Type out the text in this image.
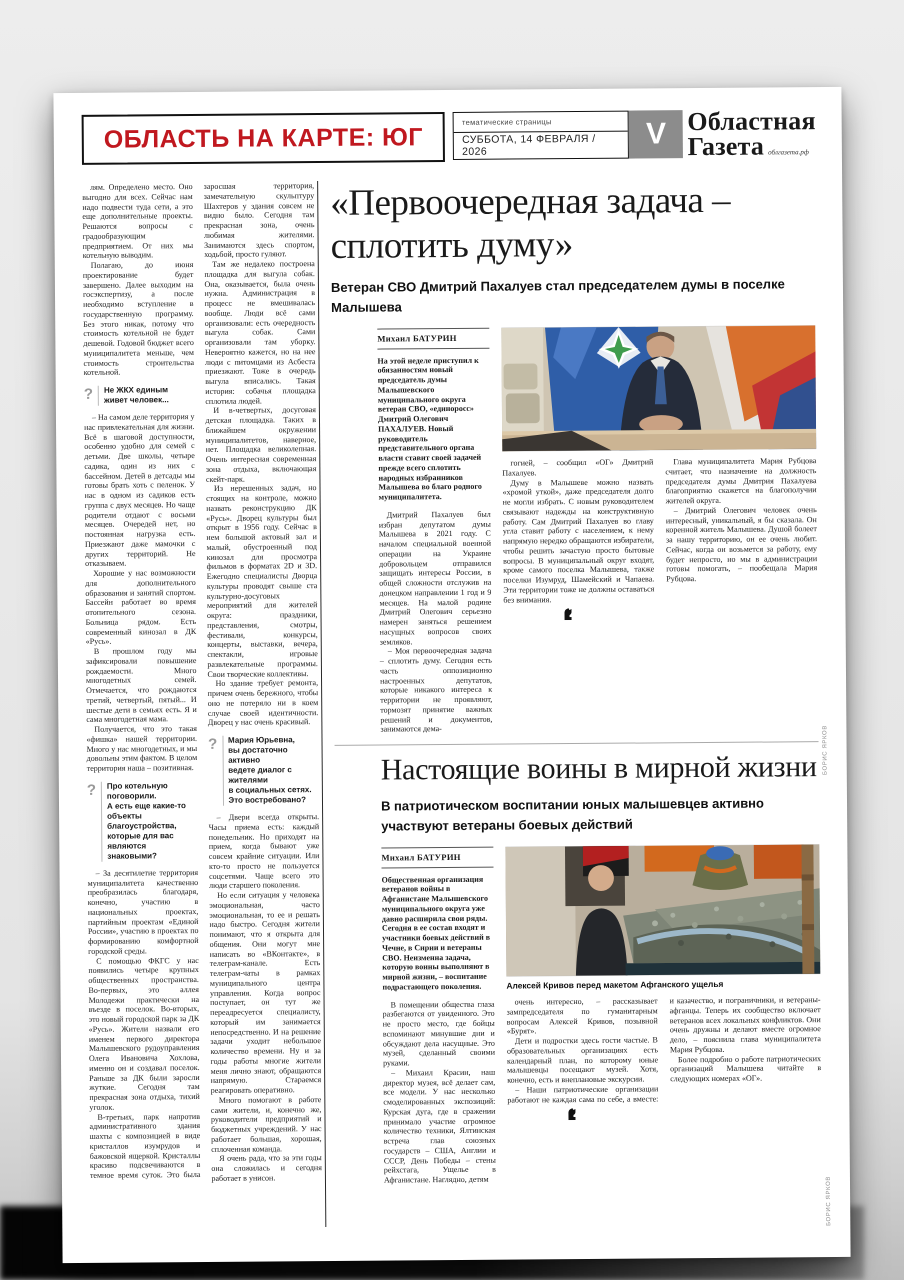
ОБЛАСТЬ НА КАРТЕ: ЮГ
тематические страницы
СУББОТА, 14 ФЕВРАЛЯ / 2026
V Областная
Газета облгазета.рф

лям. Определено место. Оно выгодно для всех. Сейчас нам надо подвести туда сети, а это еще дополнительные проекты. Решаются вопросы с градообразующим предприятием. От них мы котельную выводим.

Полагаю, до июня проектирование будет завершено. Далее выходим на госэкспертизу, а после необходимо вступление в государственную программу. Без этого никак, потому что стоимость котельной не будет дешевой. Годовой бюджет всего муниципалитета меньше, чем стоимость строительства котельной.

? Не ЖКХ единым
живет человек...

– На самом деле территория у нас привлекательная для жизни. Всё в шаговой доступности, особенно удобно для семей с детьми. Две школы, четыре садика, один из них с бассейном. Детей в детсады мы готовы брать хоть с пеленок. У нас в одном из садиков есть группа с двух месяцев. Но чаще родители отдают с восьми месяцев. Очередей нет, но постоянная нагрузка есть. Приезжают даже мамочки с других территорий. Не отказываем.

Хорошие у нас возможности для дополнительного образования и занятий спортом. Бассейн работает во время отопительного сезона. Больница рядом. Есть современный кинозал в ДК «Русь».

В прошлом году мы зафиксировали повышение рождаемости. Много многодетных семей. Отмечается, что рождаются третий, четвертый, пятый... И шестые дети в семьях есть. Я и сама многодетная мама.

Получается, что это такая «фишка» нашей территории. Много у нас многодетных, и мы довольны этим фактом. В целом территория наша – позитивная.

? Про котельную поговорили.
А есть еще какие-то
объекты благоустройства,
которые для вас являются
знаковыми?

– За десятилетие территория муниципалитета качественно преобразилась благодаря, конечно, участию в национальных проектах, партийным проектам «Единой России», участию в проектах по формированию комфортной городской среды.

С помощью ФКГС у нас появились четыре крупных общественных пространства. Во-первых, это аллея Молодежи практически на въезде в поселок. Во-вторых, это новый городской парк за ДК «Русь». Жители назвали его именем первого директора Малышевского рудоуправления Олега Ивановича Хохлова, именно он и создавал поселок. Раньше за ДК были заросли жуткие. Сегодня там прекрасная зона отдыха, тихий уголок.

В-третьих, парк напротив административного здания шахты с композицией в виде кристаллов изумрудов и бажовской ящеркой. Кристаллы красиво подсвечиваются в темное время суток. Это была заросшая территория, замечательную скульптуру Шахтеров у здания совсем не видно было. Сегодня там прекрасная зона, очень любимая жителями. Занимаются здесь спортом, ходьбой, просто гуляют.

Там же недалеко построена площадка для выгула собак. Она, оказывается, была очень нужна. Администрация в процесс не вмешивалась вообще. Люди всё сами организовали: есть очередность выгула собак. Сами организовали там уборку. Невероятно кажется, но на нее люди с питомцами из Асбеста приезжают. Тоже в очередь выгула вписались. Такая история: собачья площадка сплотила людей.

И в-четвертых, досуговая детская площадка. Таких в ближайшем окружении муниципалитетов, наверное, нет. Площадка великолепная. Очень интересная современная зона отдыха, включающая скейт-парк.

Из нерешенных задач, но стоящих на контроле, можно назвать реконструкцию ДК «Русь». Дворец культуры был открыт в 1956 году. Сейчас в нем большой актовый зал и малый, обустроенный под кинозал для просмотра фильмов в форматах 2D и 3D. Ежегодно специалисты Дворца культуры проводят свыше ста культурно-досуговых мероприятий для жителей округа: праздники, представления, смотры, фестивали, конкурсы, концерты, выставки, вечера, спектакли, игровые развлекательные программы. Свои творческие коллективы.

Но здание требует ремонта, причем очень бережного, чтобы оно не потеряло ни в коем случае своей идентичности. Дворец у нас очень красивый.

? Мария Юрьевна,
вы достаточно активно
ведете диалог с жителями
в социальных сетях.
Это востребовано?

– Двери всегда открыты. Часы приема есть: каждый понедельник. Но приходят на прием, когда бывают уже совсем крайние ситуации. Или кто-то просто не пользуется соцсетями. Чаще всего это люди старшего поколения.

Но если ситуация у человека эмоциональная, часто эмоциональная, то ее и решать надо быстро. Сегодня жители понимают, что я открыта для общения. Они могут мне написать во «ВКонтакте», в телеграм-канале. Есть телеграм-чаты в рамках муниципального центра управления. Когда вопрос поступает, он тут же переадресуется специалисту, который им занимается непосредственно. И на решение задачи уходит небольшое количество времени. Ну и за годы работы многие жители меня лично знают, обращаются напрямую. Стараемся реагировать оперативно.

Много помогают в работе сами жители, и, конечно же, руководители предприятий и бюджетных учреждений. У нас работает большая, хорошая, сплоченная команда.

Я очень рада, что за эти годы она сложилась и сегодня работает в унисон.

«Первоочередная задача – сплотить думу»

Ветеран СВО Дмитрий Пахалуев стал председателем думы в поселке Малышева

Михаил БАТУРИН
На этой неделе приступил к обязанностям новый председатель думы Малышевского муниципального округа ветеран СВО, «единоросс» Дмитрий Олегович ПАХАЛУЕВ. Новый руководитель представительного органа власти ставит своей задачей прежде всего сплотить народных избранников Малышева во благо родного муниципалитета.

Дмитрий Пахалуев был избран депутатом думы Малышева в 2021 году. С началом специальной военной операции на Украине добровольцем отправился защищать интересы России, в общей сложности отслужив на донецком направлении 1 год и 9 месяцев. На малой родине Дмитрий Олегович серьезно намерен заняться решением насущных вопросов своих земляков.

– Моя первоочередная задача – сплотить думу. Сегодня есть часть оппозиционно настроенных депутатов, которые никакого интереса к территории не проявляют, тормозят принятие важных решений и документов, занимаются дема-	БОРИС ЯРКОВ

гогией, – сообщил «ОГ» Дмитрий Пахалуев.

Думу в Малышеве можно назвать «хромой уткой», даже председателя долго не могли избрать. С новым руководителем связывают надежды на конструктивную работу. Сам Дмитрий Пахалуев во главу угла ставит работу с населением, к нему напрямую нередко обращаются избиратели, чтобы решить зачастую просто бытовые вопросы. В муниципальный округ входят, кроме самого поселка Малышева, также поселки Изумруд, Шамейский и Чапаева. Эти территории тоже не должны оставаться без внимания.

Глава муниципалитета Мария Рубцова считает, что назначение на должность председателя думы Дмитрия Пахалуева благоприятно скажется на благополучии жителей округа.

– Дмитрий Олегович человек очень интересный, уникальный, я бы сказала. Он коренной житель Малышева. Душой болеет за нашу территорию, он ее очень любит. Сейчас, когда он возьмется за работу, ему будет непросто, но мы в администрации готовы помогать, – пообещала Мария Рубцова.

Настоящие воины в мирной жизни

В патриотическом воспитании юных малышевцев активно участвуют ветераны боевых действий

Михаил БАТУРИН
Общественная организация ветеранов войны в Афганистане Малышевского муниципального округа уже давно расширила свои ряды. Сегодня в ее состав входят и участники боевых действий в Чечне, в Сирии и ветераны СВО. Неизменна задача, которую воины выполняют в мирной жизни, – воспитание подрастающего поколения.

В помещении общества глаза разбегаются от увиденного. Это не просто место, где бойцы вспоминают минувшие дни и обсуждают дела насущные. Это музей, сделанный своими руками.

– Михаил Красин, наш директор музея, всё делает сам, все модели. У нас несколько смоделированных экспозиций: Курская дуга, где в сражении принимало участие огромное количество техники, Ялтинская встреча глав союзных государств – США, Англии и СССР, День Победы – стены рейхстага, Ущелье в Афганистане. Наглядно, детям	БОРИС ЯРКОВ
Алексей Кривов перед макетом Афганского ущелья

очень интересно, – рассказывает зампредседателя по гуманитарным вопросам Алексей Кривов, позывной «Бурят».

Дети и подростки здесь гости частые. В образовательных организациях есть календарный план, по которому юные малышевцы посещают музей. Хотя, конечно, есть и внеплановые экскурсии.

– Наши патриотические организации работают не каждая сама по себе, а вместе: и казачество, и пограничники, и ветераны-афганцы. Теперь их сообщество включает ветеранов всех локальных конфликтов. Они очень дружны и делают вместе огромное дело, – пояснила глава муниципалитета Мария Рубцова.

Более подробно о работе патриотических организаций Малышева читайте в следующих номерах «ОГ».
